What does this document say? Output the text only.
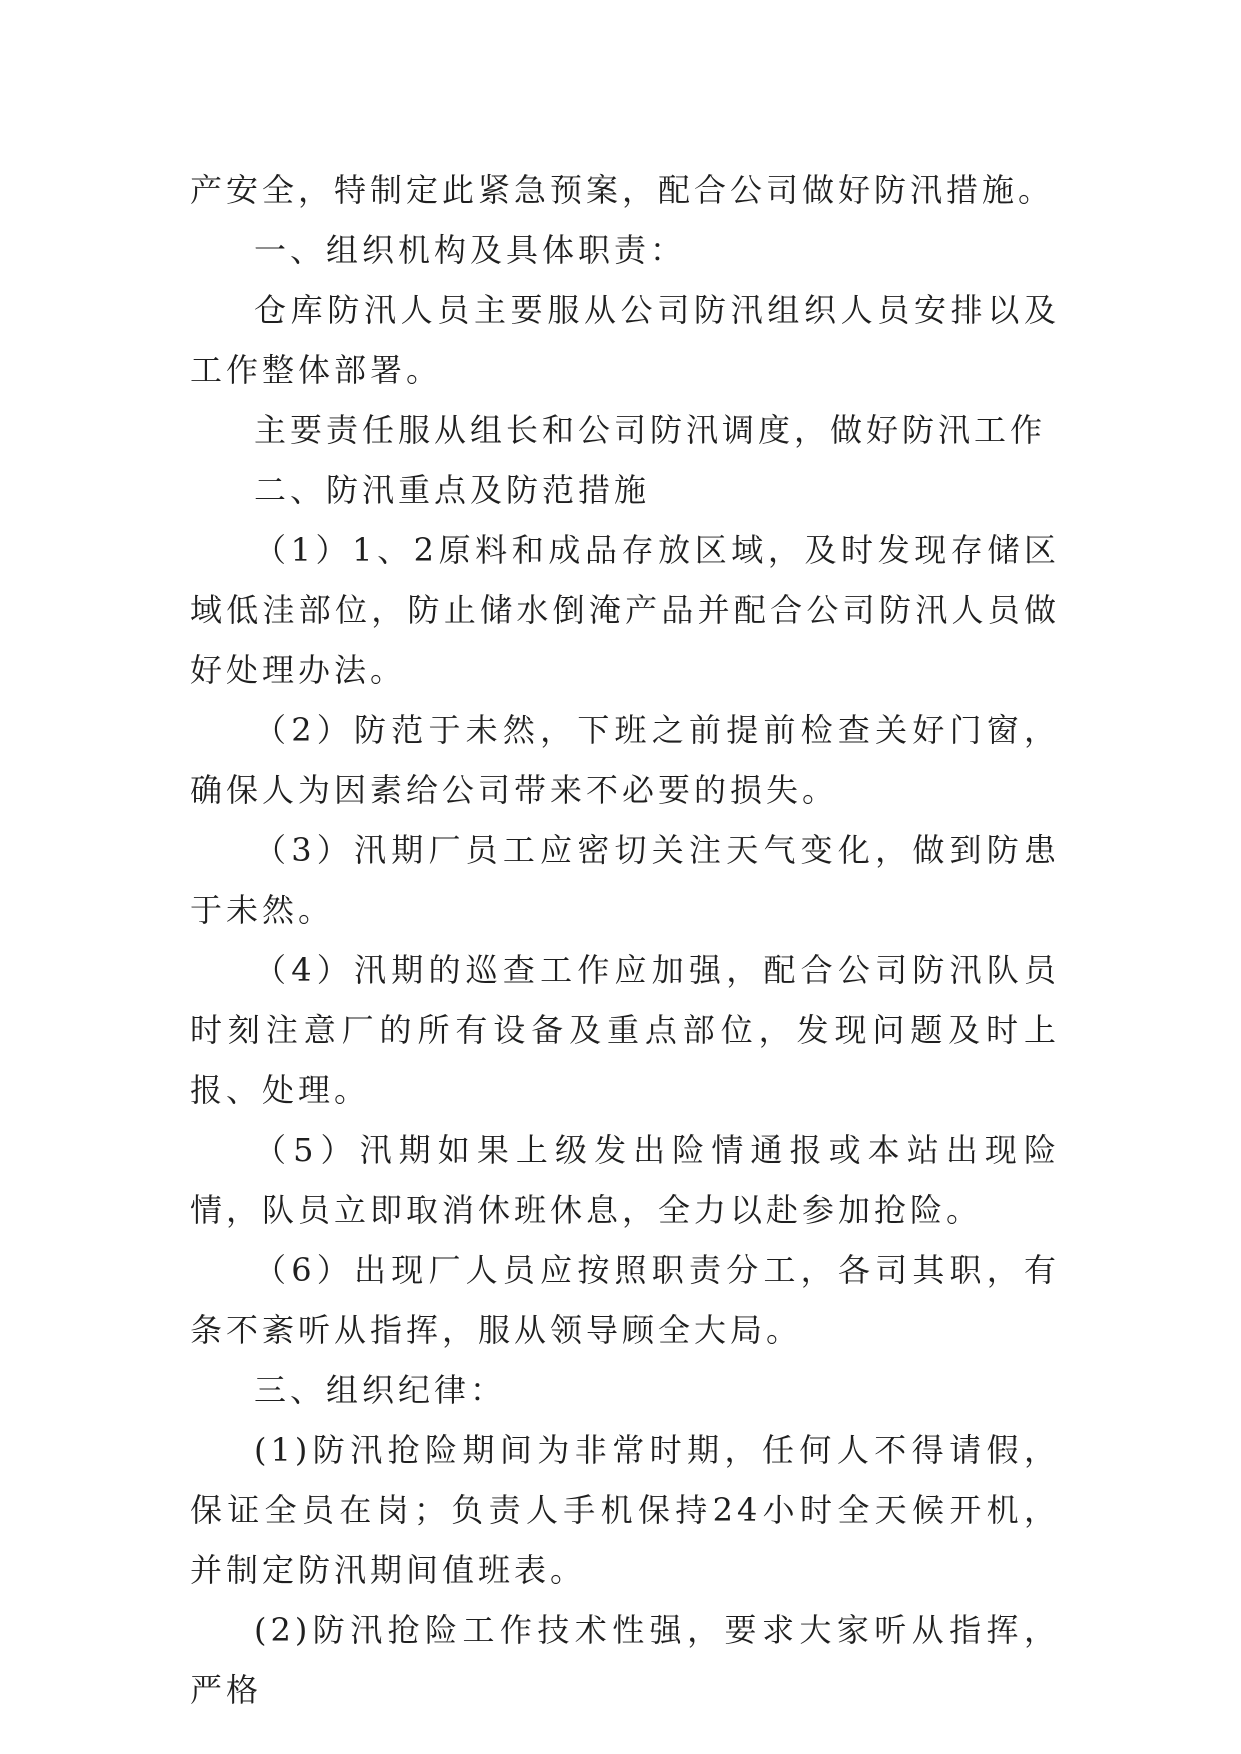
产安全，特制定此紧急预案，配合公司做好防汛措施。

一、组织机构及具体职责：

仓库防汛人员主要服从公司防汛组织人员安排以及工作整体部署。

主要责任服从组长和公司防汛调度，做好防汛工作

二、防汛重点及防范措施

（1）1、2原料和成品存放区域，及时发现存储区域低洼部位，防止储水倒淹产品并配合公司防汛人员做好处理办法。

（2）防范于未然，下班之前提前检查关好门窗，确保人为因素给公司带来不必要的损失。

（3）汛期厂员工应密切关注天气变化，做到防患于未然。

（4）汛期的巡查工作应加强，配合公司防汛队员时刻注意厂的所有设备及重点部位，发现问题及时上报、处理。

（5）汛期如果上级发出险情通报或本站出现险情，队员立即取消休班休息，全力以赴参加抢险。

（6）出现厂人员应按照职责分工，各司其职，有条不紊听从指挥，服从领导顾全大局。

三、组织纪律：

(1)防汛抢险期间为非常时期，任何人不得请假，保证全员在岗；负责人手机保持24小时全天候开机，并制定防汛期间值班表。

(2)防汛抢险工作技术性强，要求大家听从指挥，严格
